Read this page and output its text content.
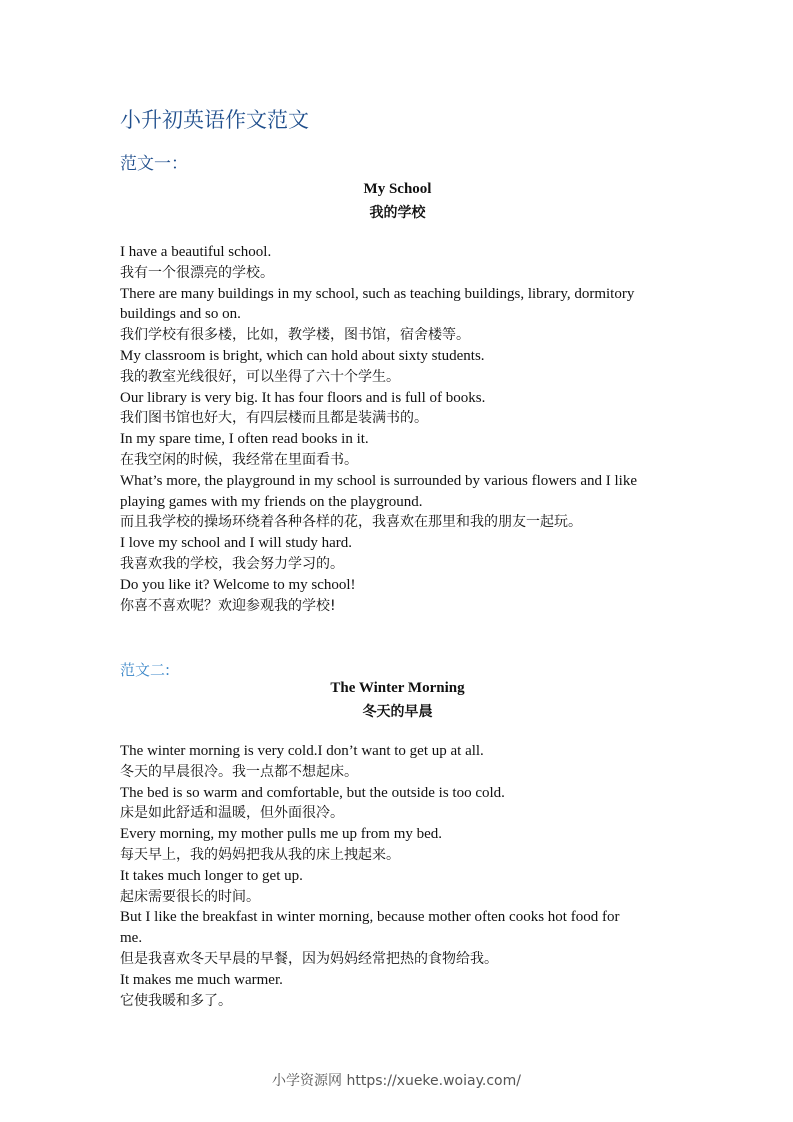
小升初英语作文范文
范文一：
My School
我的学校
I have a beautiful school.
我有一个很漂亮的学校。
There are many buildings in my school, such as teaching buildings, library, dormitory
buildings and so on.
我们学校有很多楼，比如，教学楼，图书馆，宿舍楼等。
My classroom is bright, which can hold about sixty students.
我的教室光线很好，可以坐得了六十个学生。
Our library is very big. It has four floors and is full of books.
我们图书馆也好大，有四层楼而且都是装满书的。
In my spare time, I often read books in it.
在我空闲的时候，我经常在里面看书。
What’s more, the playground in my school is surrounded by various flowers and I like
playing games with my friends on the playground.
而且我学校的操场环绕着各种各样的花，我喜欢在那里和我的朋友一起玩。
I love my school and I will study hard.
我喜欢我的学校，我会努力学习的。
Do you like it? Welcome to my school!
你喜不喜欢呢？欢迎参观我的学校!
范文二:
The Winter Morning
冬天的早晨
The winter morning is very cold.I don’t want to get up at all.
冬天的早晨很冷。我一点都不想起床。
The bed is so warm and comfortable, but the outside is too cold.
床是如此舒适和温暖，但外面很冷。
Every morning, my mother pulls me up from my bed.
每天早上，我的妈妈把我从我的床上拽起来。
It takes much longer to get up.
起床需要很长的时间。
But I like the breakfast in winter morning, because mother often cooks hot food for
me.
但是我喜欢冬天早晨的早餐，因为妈妈经常把热的食物给我。
It makes me much warmer.
它使我暖和多了。
小学资源网 https://xueke.woiay.com/
